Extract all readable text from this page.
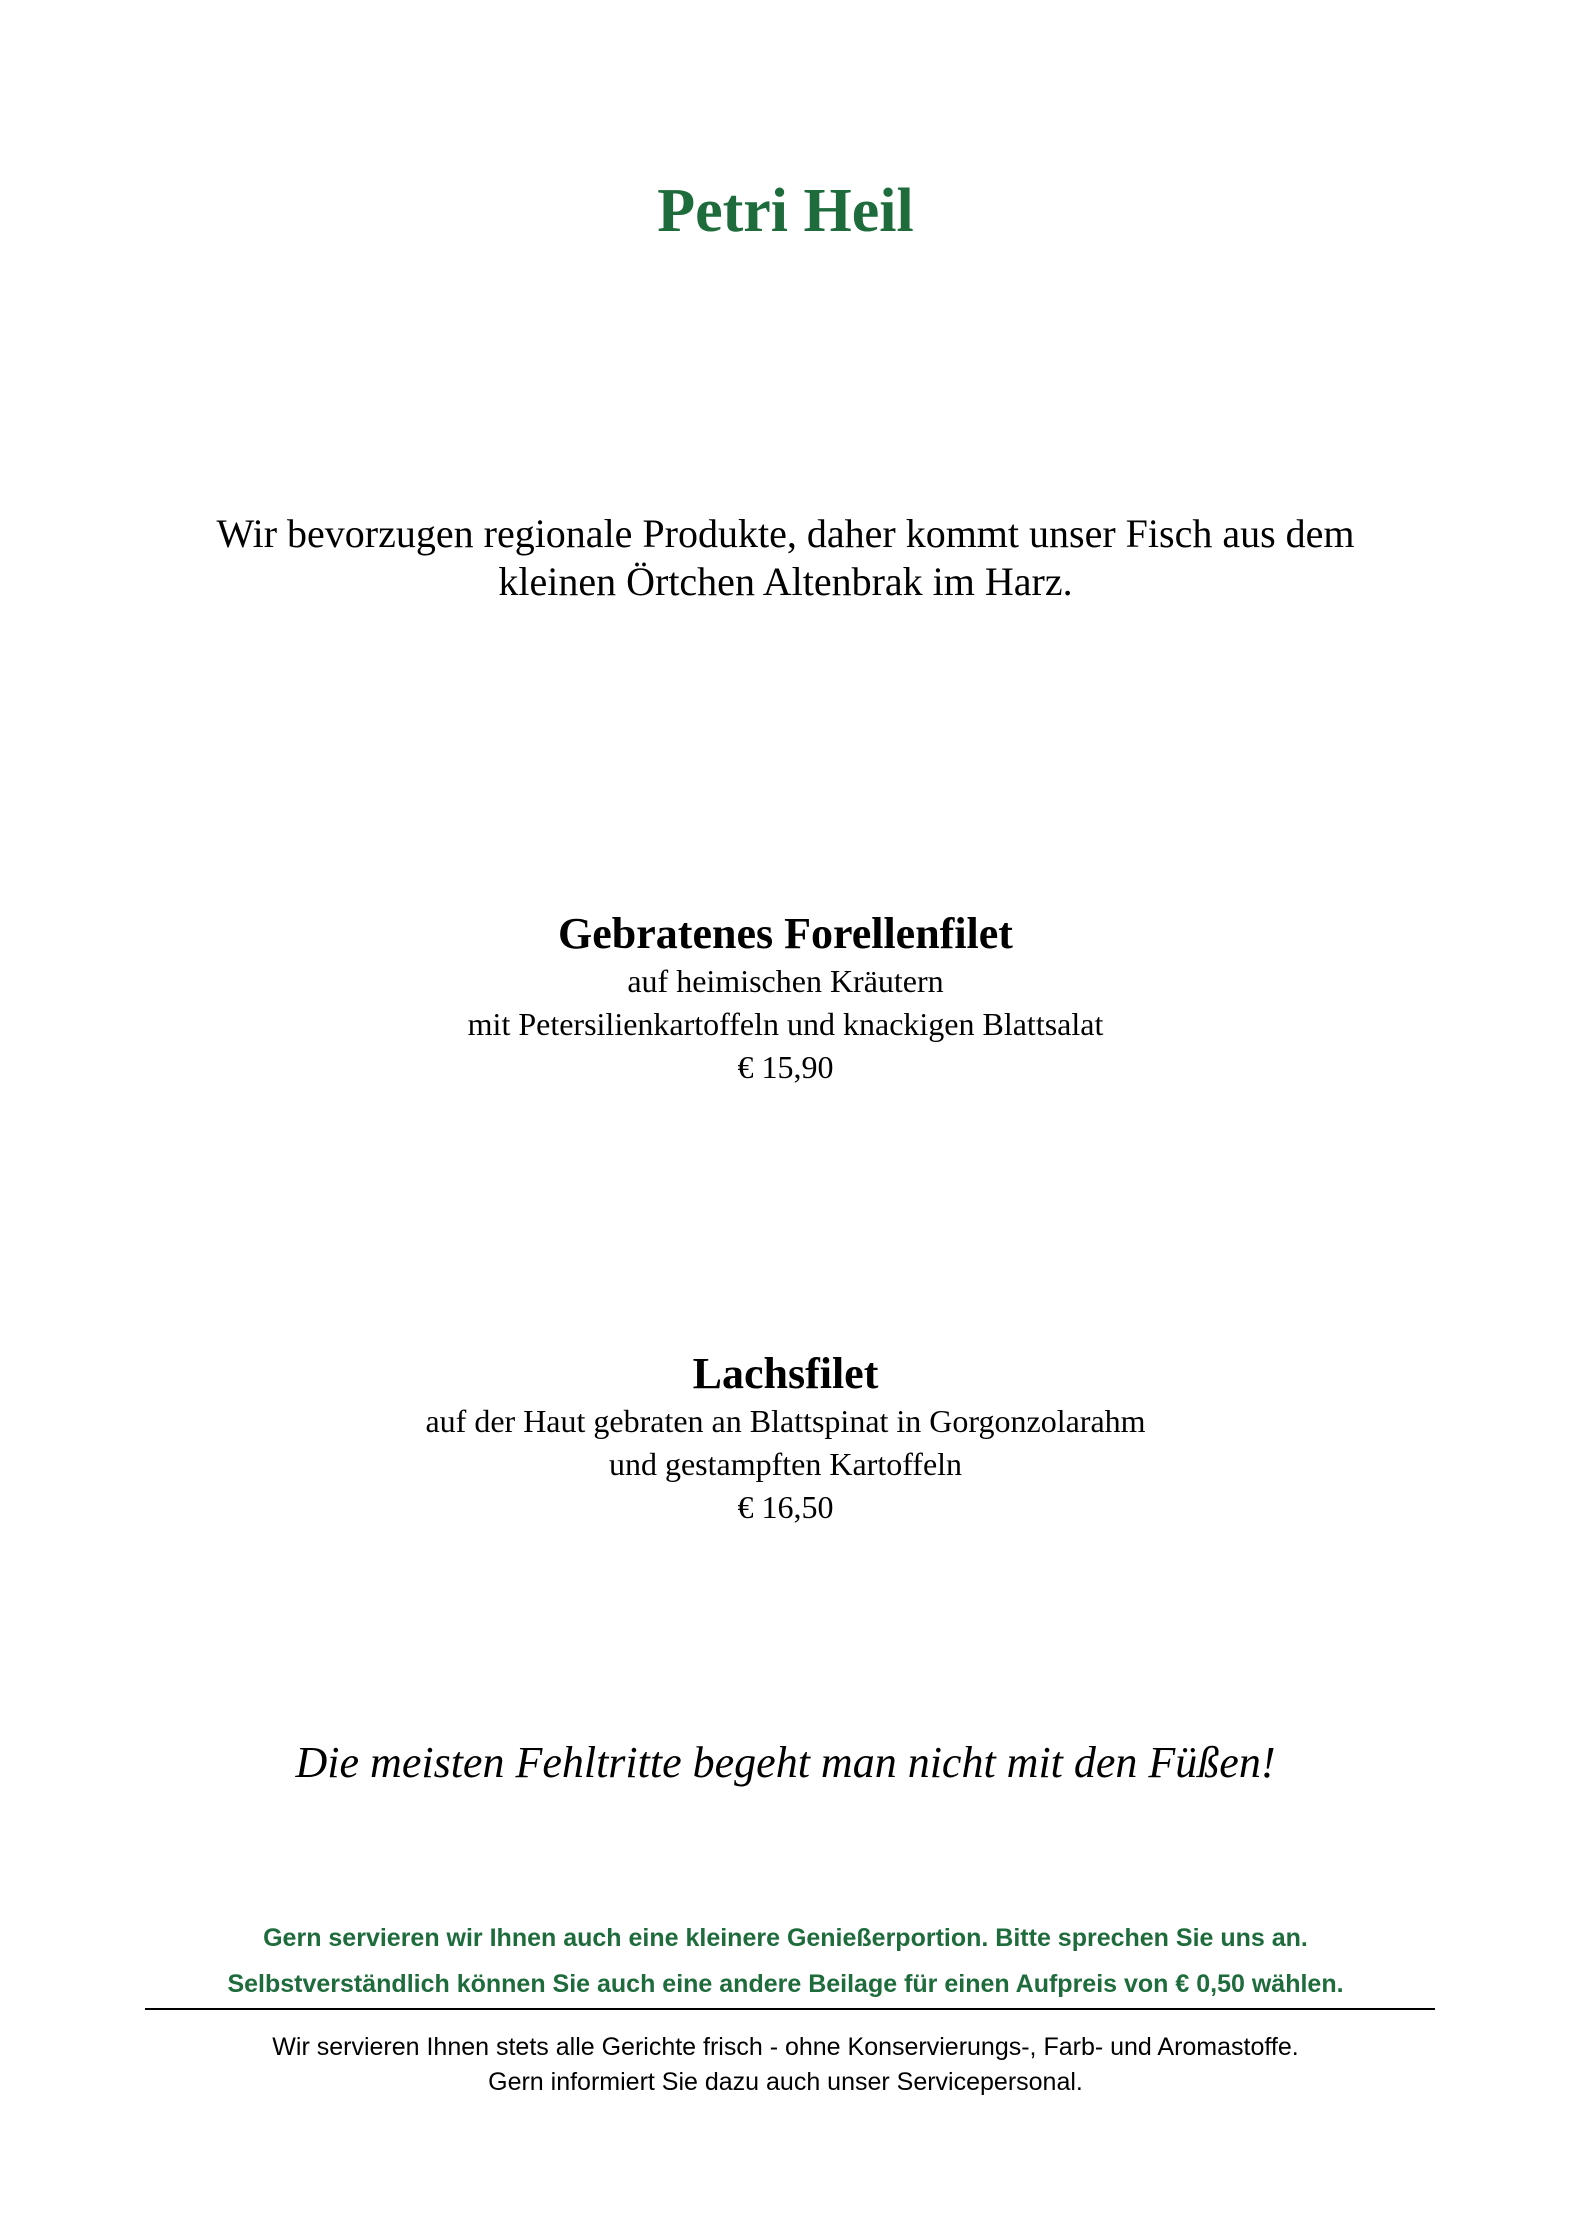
Petri Heil
Wir bevorzugen regionale Produkte, daher kommt unser Fisch aus dem
kleinen Örtchen Altenbrak im Harz.
Gebratenes Forellenfilet
auf heimischen Kräutern
mit Petersilienkartoffeln und knackigen Blattsalat
€ 15,90
Lachsfilet
auf der Haut gebraten an Blattspinat in Gorgonzolarahm
und gestampften Kartoffeln
€ 16,50
Die meisten Fehltritte begeht man nicht mit den Füßen!
Gern servieren wir Ihnen auch eine kleinere Genießerportion. Bitte sprechen Sie uns an.
Selbstverständlich können Sie auch eine andere Beilage für einen Aufpreis von € 0,50 wählen.
Wir servieren Ihnen stets alle Gerichte frisch - ohne Konservierungs-, Farb- und Aromastoffe.
Gern informiert Sie dazu auch unser Servicepersonal.
